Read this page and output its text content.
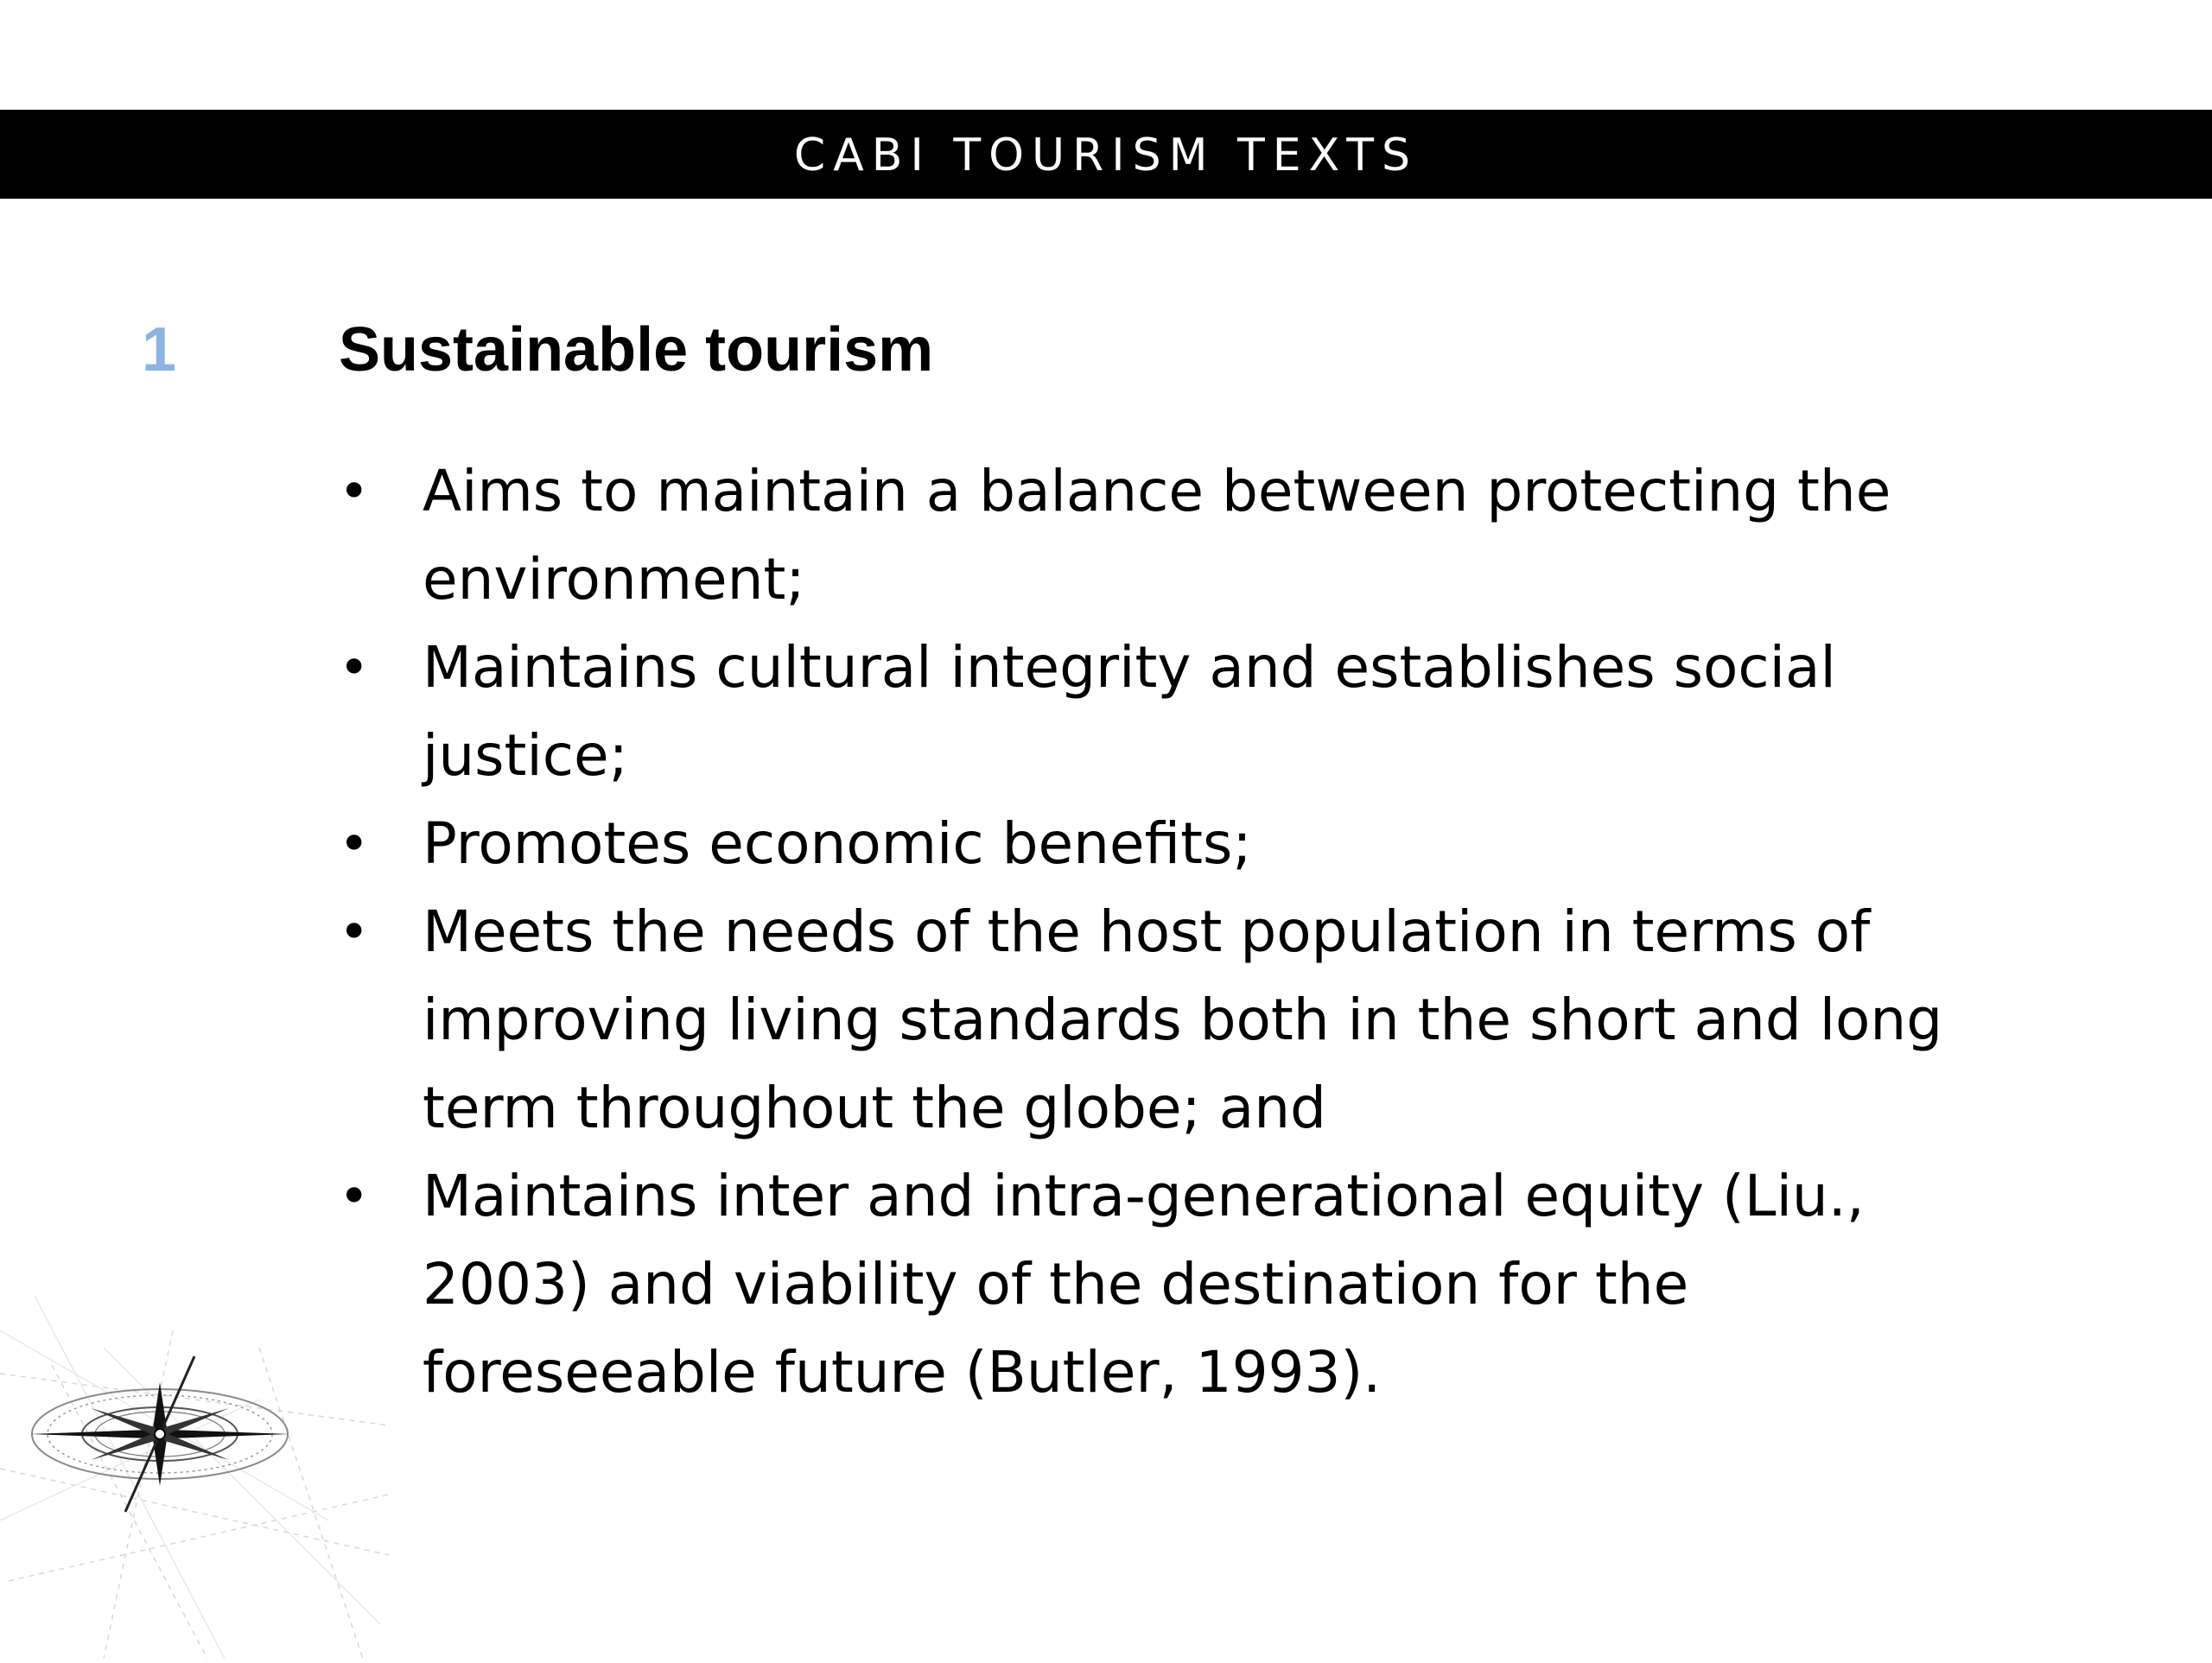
CABI TOURISM TEXTS
1	Sustainable tourism
• Aims to maintain a balance between protecting the environment;
• Maintains cultural integrity and establishes social justice;
• Promotes economic benefits;
• Meets the needs of the host population in terms of improving living standards both in the short and long term throughout the globe; and
• Maintains inter and intra-generational equity (Liu., 2003) and viability of the destination for the foreseeable future (Butler, 1993).
